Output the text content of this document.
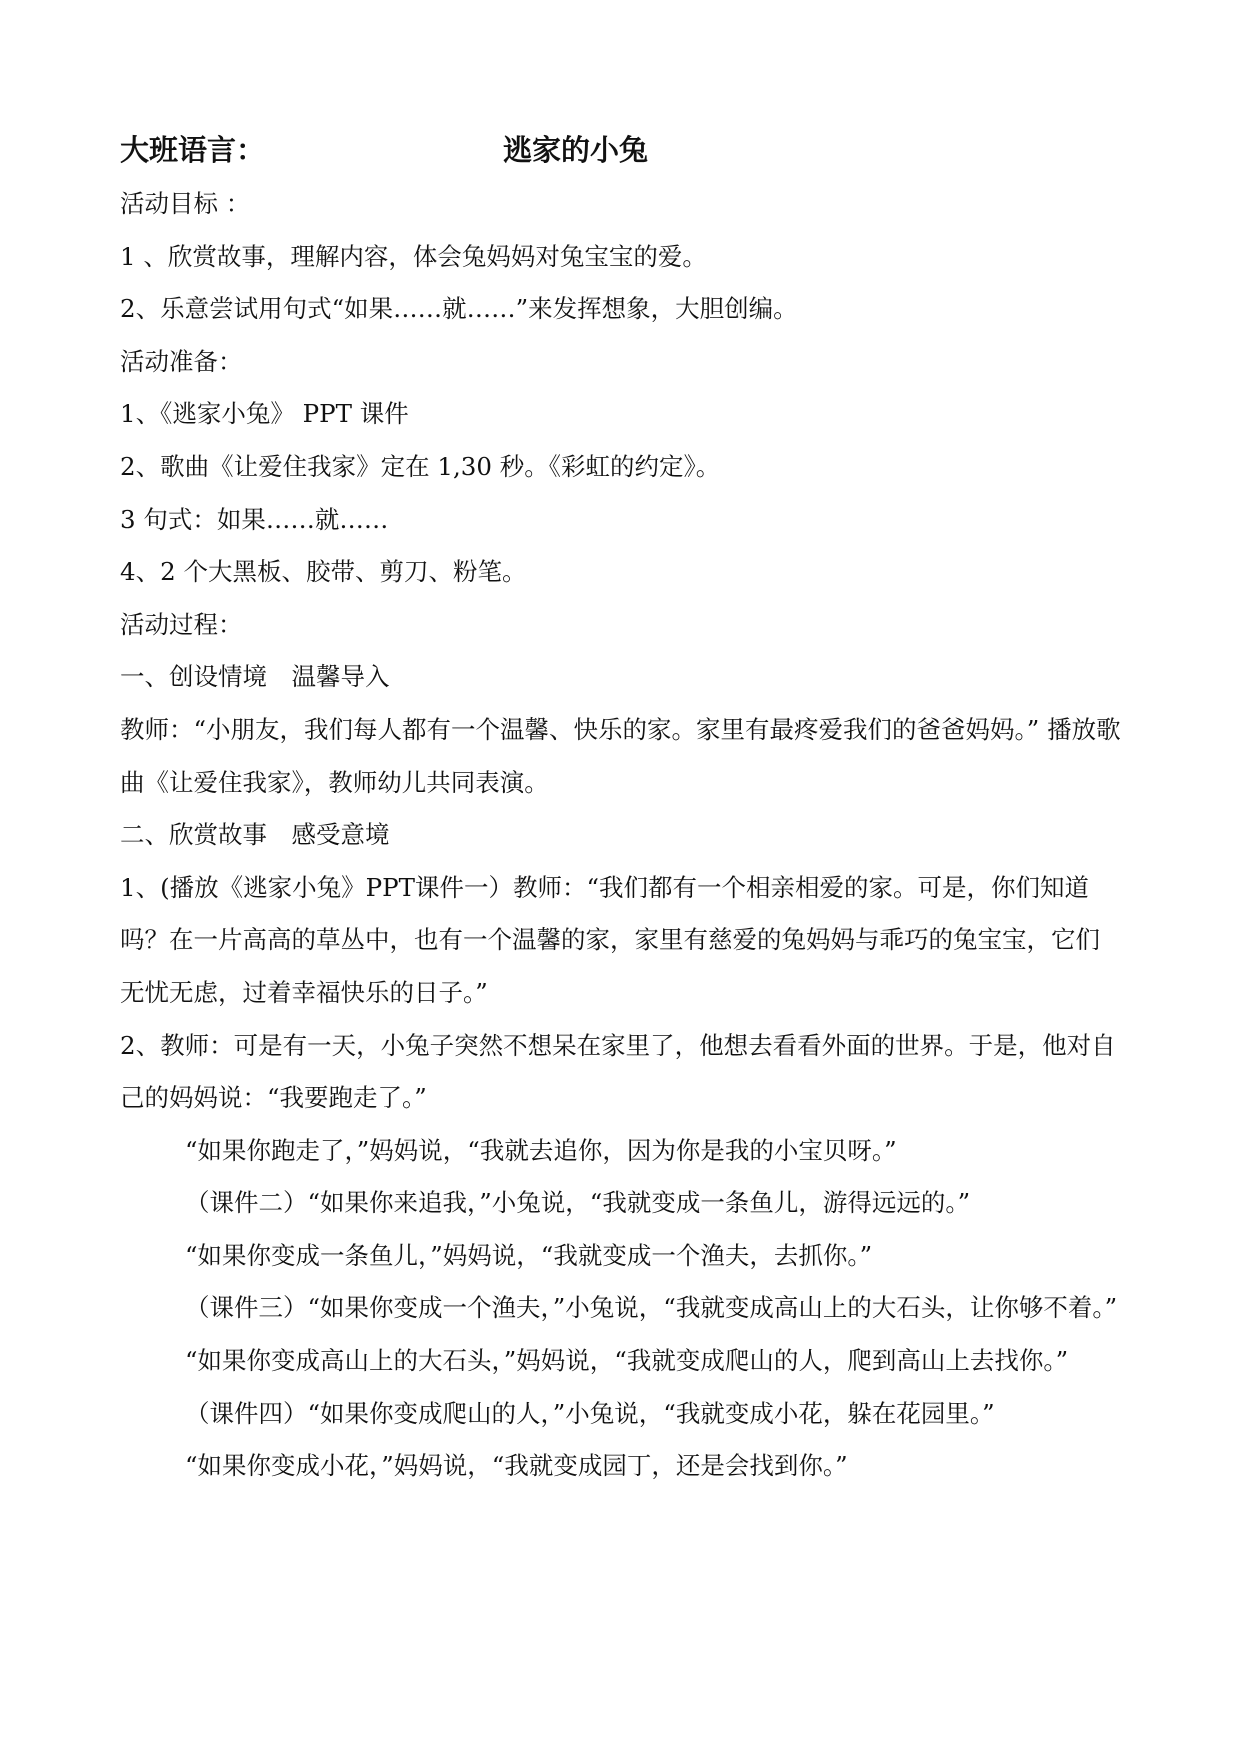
大班语言：	逃家的小兔

活动目标 ：

1 、欣赏故事，理解内容，体会兔妈妈对兔宝宝的爱。

2、乐意尝试用句式“如果……就……”来发挥想象，大胆创编。

活动准备：

1、《逃家小兔》 PPT 课件

2、歌曲《让爱住我家》定在 1,30 秒。《彩虹的约定》。

3 句式：如果……就……

4、2 个大黑板、胶带、剪刀、粉笔。

活动过程：

一、创设情境　温馨导入

教师：“小朋友，我们每人都有一个温馨、快乐的家。家里有最疼爱我们的爸爸妈妈。” 播放歌曲《让爱住我家》，教师幼儿共同表演。

二、欣赏故事　感受意境

1、(播放《逃家小兔》PPT课件一）教师：“我们都有一个相亲相爱的家。可是，你们知道吗？在一片高高的草丛中，也有一个温馨的家，家里有慈爱的兔妈妈与乖巧的兔宝宝，它们无忧无虑，过着幸福快乐的日子。”

2、教师：可是有一天，小兔子突然不想呆在家里了，他想去看看外面的世界。于是，他对自己的妈妈说：“我要跑走了。”

“如果你跑走了，”妈妈说，“我就去追你，因为你是我的小宝贝呀。”

（课件二）“如果你来追我，”小兔说，“我就变成一条鱼儿，游得远远的。”

“如果你变成一条鱼儿，”妈妈说，“我就变成一个渔夫，去抓你。”

（课件三）“如果你变成一个渔夫，”小兔说，“我就变成高山上的大石头，让你够不着。”

“如果你变成高山上的大石头，”妈妈说，“我就变成爬山的人，爬到高山上去找你。”

（课件四）“如果你变成爬山的人，”小兔说，“我就变成小花，躲在花园里。”

“如果你变成小花，”妈妈说，“我就变成园丁，还是会找到你。”
